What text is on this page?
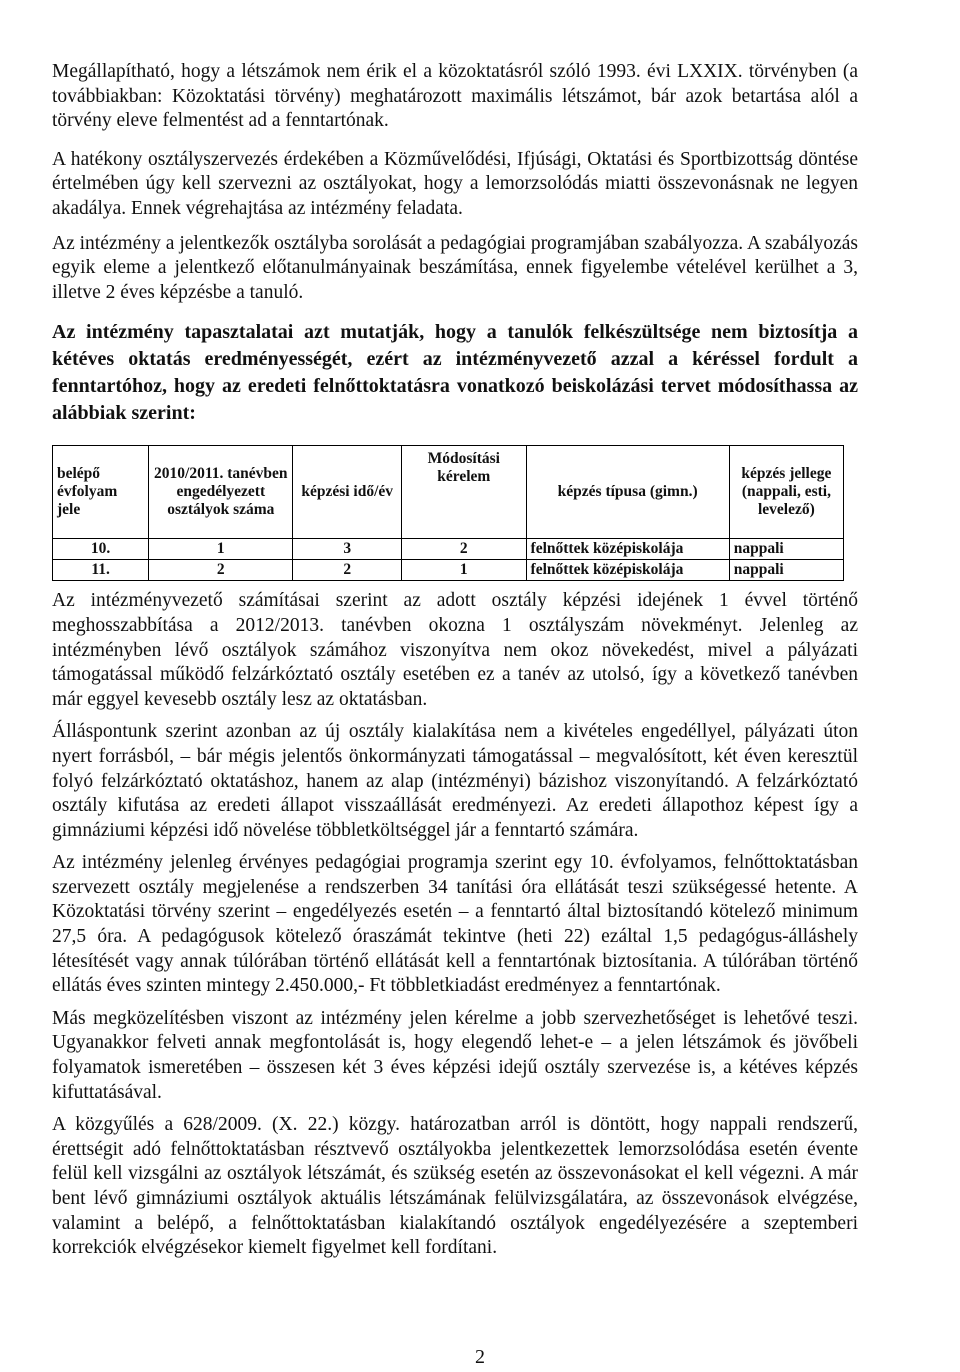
Megállapítható, hogy a létszámok nem érik el a közoktatásról szóló 1993. évi LXXIX. törvényben (a továbbiakban: Közoktatási törvény) meghatározott maximális létszámot, bár azok betartása alól a törvény eleve felmentést ad a fenntartónak.

A hatékony osztályszervezés érdekében a Közművelődési, Ifjúsági, Oktatási és Sportbizottság döntése értelmében úgy kell szervezni az osztályokat, hogy a lemorzsolódás miatti összevonásnak ne legyen akadálya. Ennek végrehajtása az intézmény feladata.

Az intézmény a jelentkezők osztályba sorolását a pedagógiai programjában szabályozza. A szabályozás egyik eleme a jelentkező előtanulmányainak beszámítása, ennek figyelembe vételével kerülhet a 3, illetve 2 éves képzésbe a tanuló.

Az intézmény tapasztalatai azt mutatják, hogy a tanulók felkészültsége nem biztosítja a kétéves oktatás eredményességét, ezért az intézményvezető azzal a kéréssel fordult a fenntartóhoz, hogy az eredeti felnőttoktatásra vonatkozó beiskolázási tervet módosíthassa az alábbiak szerint:

belépő évfolyam jele	2010/2011. tanévben engedélyezett osztályok száma	képzési idő/év	Módosítási kérelem	képzés típusa (gimn.)	képzés jellege (nappali, esti, levelező)
10.	1	3	2	felnőttek középiskolája	nappali
11.	2	2	1	felnőttek középiskolája	nappali

Az intézményvezető számításai szerint az adott osztály képzési idejének 1 évvel történő meghosszabbítása a 2012/2013. tanévben okozna 1 osztályszám növekményt. Jelenleg az intézményben lévő osztályok számához viszonyítva nem okoz növekedést, mivel a pályázati támogatással működő felzárkóztató osztály esetében ez a tanév az utolsó, így a következő tanévben már eggyel kevesebb osztály lesz az oktatásban.

Álláspontunk szerint azonban az új osztály kialakítása nem a kivételes engedéllyel, pályázati úton nyert forrásból, – bár mégis jelentős önkormányzati támogatással – megvalósított, két éven keresztül folyó felzárkóztató oktatáshoz, hanem az alap (intézményi) bázishoz viszonyítandó. A felzárkóztató osztály kifutása az eredeti állapot visszaállását eredményezi. Az eredeti állapothoz képest így a gimnáziumi képzési idő növelése többletköltséggel jár a fenntartó számára.

Az intézmény jelenleg érvényes pedagógiai programja szerint egy 10. évfolyamos, felnőttoktatásban szervezett osztály megjelenése a rendszerben 34 tanítási óra ellátását teszi szükségessé hetente. A Közoktatási törvény szerint – engedélyezés esetén – a fenntartó által biztosítandó kötelező minimum 27,5 óra. A pedagógusok kötelező óraszámát tekintve (heti 22) ezáltal 1,5 pedagógus-álláshely létesítését vagy annak túlórában történő ellátását kell a fenntartónak biztosítania. A túlórában történő ellátás éves szinten mintegy 2.450.000,- Ft többletkiadást eredményez a fenntartónak.

Más megközelítésben viszont az intézmény jelen kérelme a jobb szervezhetőséget is lehetővé teszi. Ugyanakkor felveti annak megfontolását is, hogy elegendő lehet-e – a jelen létszámok és jövőbeli folyamatok ismeretében – összesen két 3 éves képzési idejű osztály szervezése is, a kétéves képzés kifuttatásával.

A közgyűlés a 628/2009. (X. 22.) közgy. határozatban arról is döntött, hogy nappali rendszerű, érettségit adó felnőttoktatásban résztvevő osztályokba jelentkezettek lemorzsolódása esetén évente felül kell vizsgálni az osztályok létszámát, és szükség esetén az összevonásokat el kell végezni. A már bent lévő gimnáziumi osztályok aktuális létszámának felülvizsgálatára, az összevonások elvégzése, valamint a belépő, a felnőttoktatásban kialakítandó osztályok engedélyezésére a szeptemberi korrekciók elvégzésekor kiemelt figyelmet kell fordítani.

2
